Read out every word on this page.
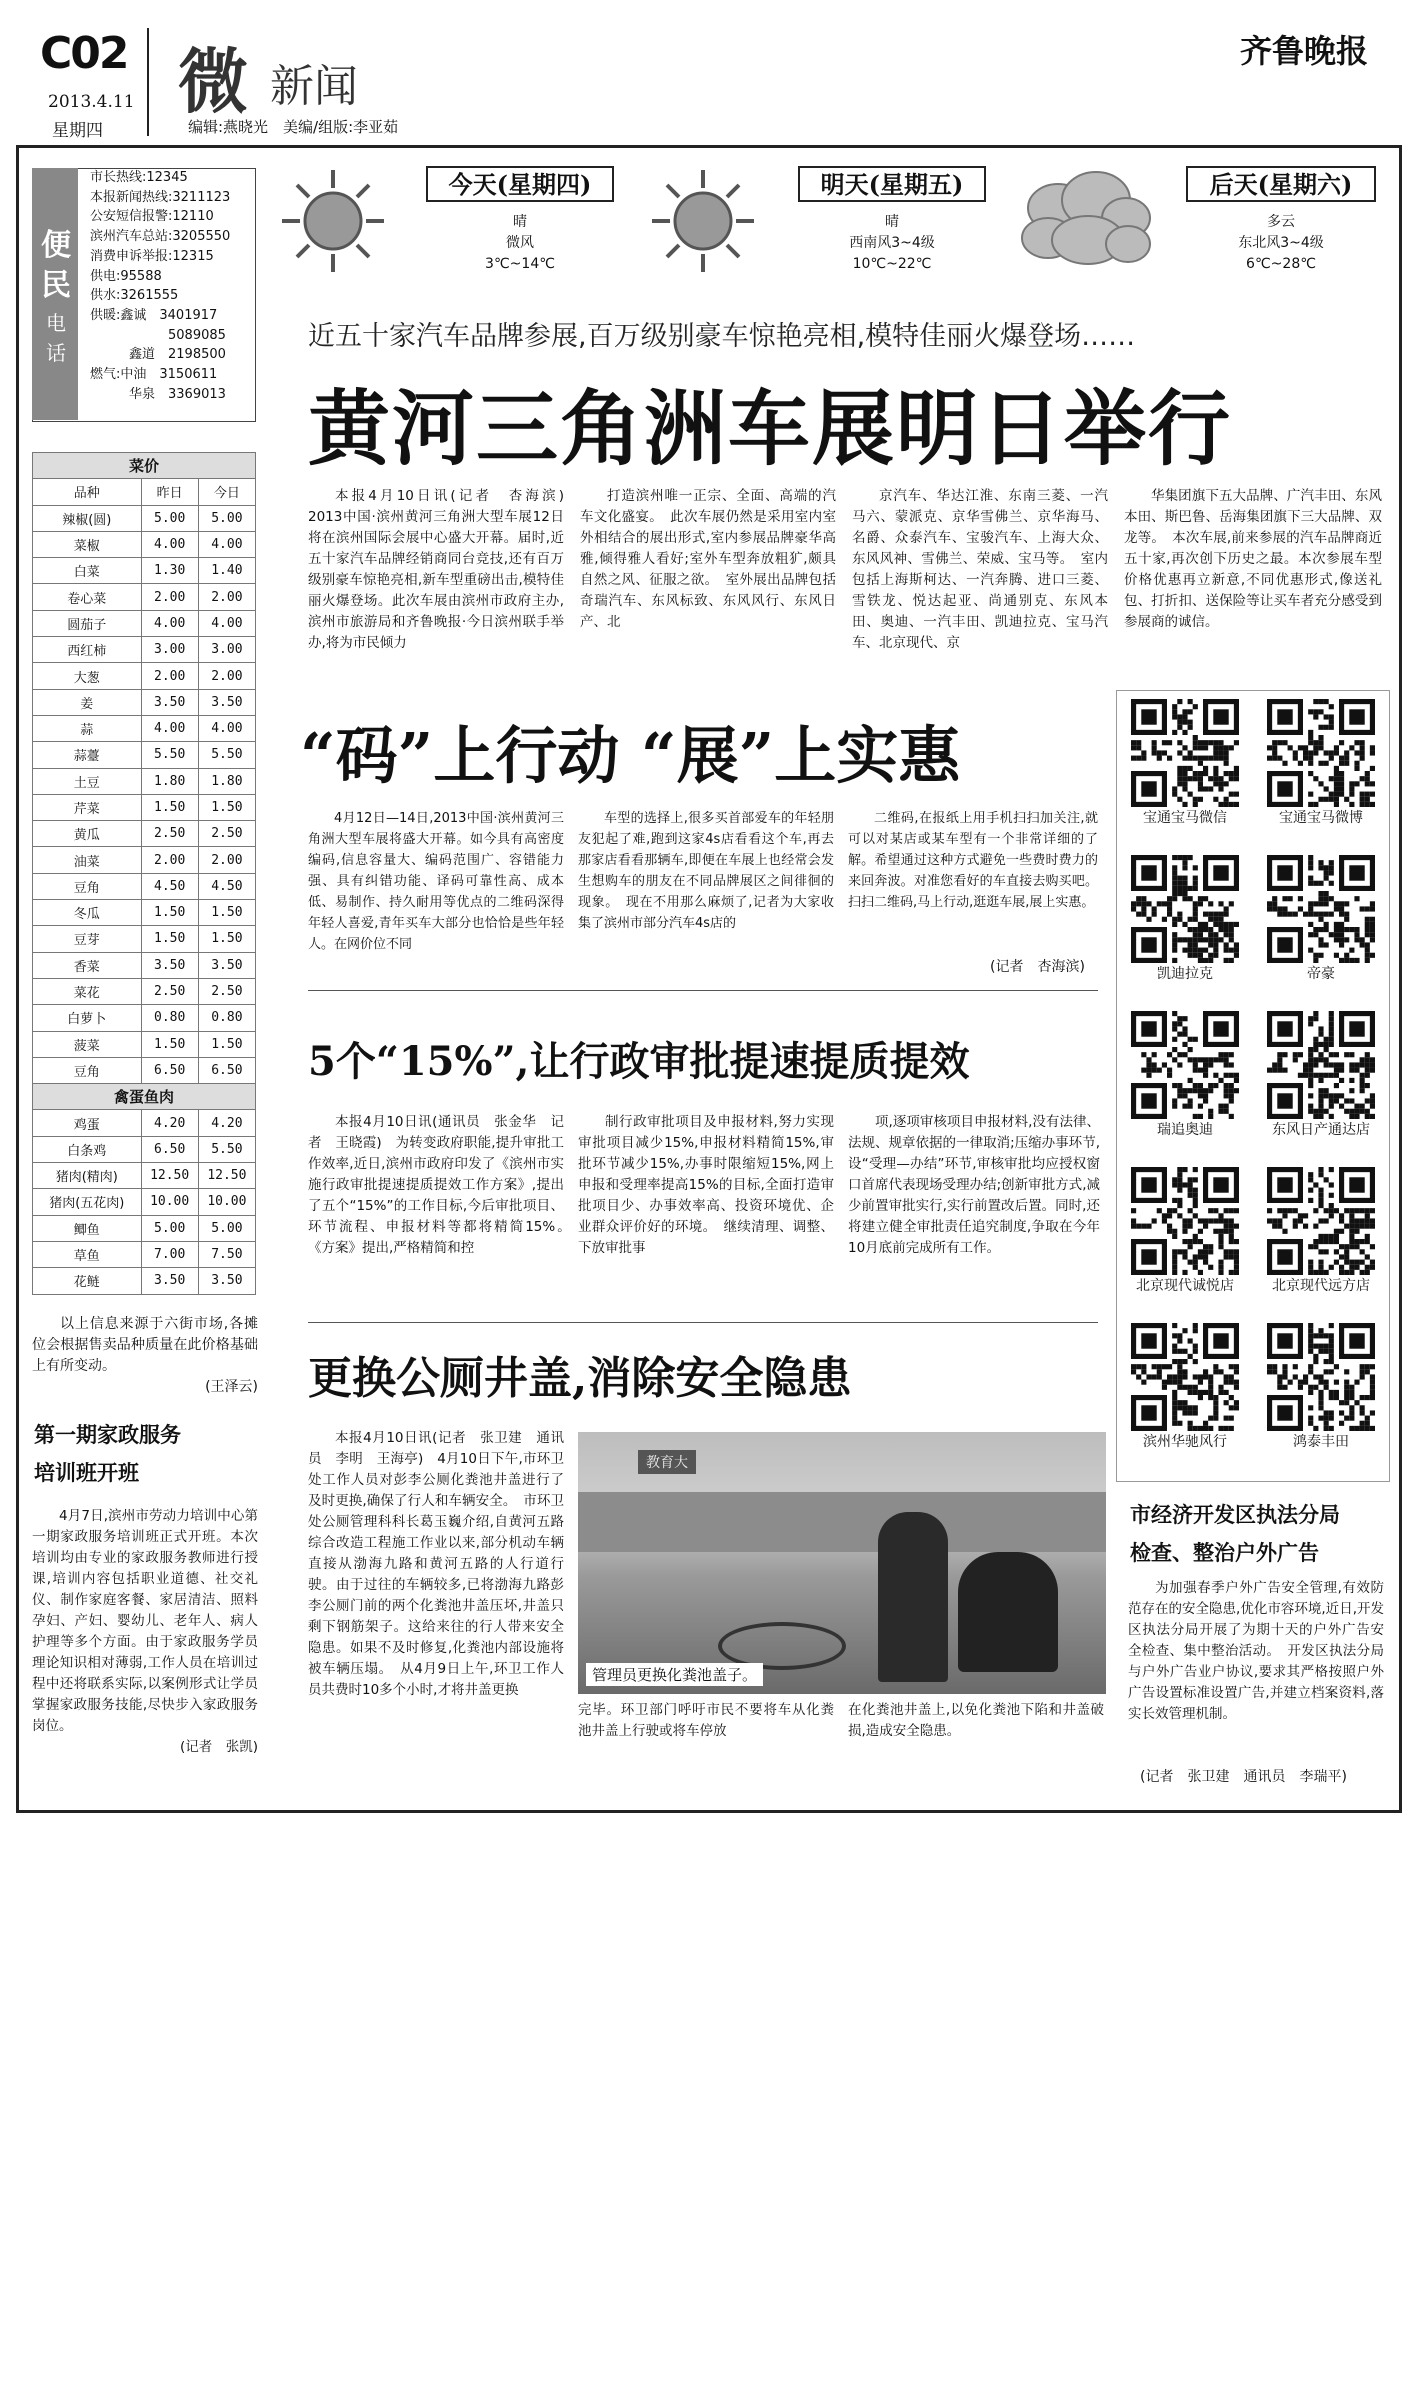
C02
2013.4.11
星期四
微 新闻
编辑:燕晓光　美编/组版:李亚茹
齐鲁晚报
便民
电话
市长热线:12345
本报新闻热线:3211123
公安短信报警:12110
滨州汽车总站:3205550
消费申诉举报:12315
供电:95588
供水:3261555
供暖:鑫诚　3401917
　　　　　　5089085
　　　鑫道　2198500
燃气:中油　3150611
　　　华泉　3369013
今天(星期四)
晴
微风
3℃~14℃
明天(星期五)
晴
西南风3~4级
10℃~22℃
后天(星期六)
多云
东北风3~4级
6℃~28℃
菜价		
品种	昨日	今日
辣椒(圆)	5.00	5.00
菜椒	4.00	4.00
白菜	1.30	1.40
卷心菜	2.00	2.00
圆茄子	4.00	4.00
西红柿	3.00	3.00
大葱	2.00	2.00
姜	3.50	3.50
蒜	4.00	4.00
蒜薹	5.50	5.50
土豆	1.80	1.80
芹菜	1.50	1.50
黄瓜	2.50	2.50
油菜	2.00	2.00
豆角	4.50	4.50
冬瓜	1.50	1.50
豆芽	1.50	1.50
香菜	3.50	3.50
菜花	2.50	2.50
白萝卜	0.80	0.80
菠菜	1.50	1.50
豆角	6.50	6.50
禽蛋鱼肉		
鸡蛋	4.20	4.20
白条鸡	6.50	5.50
猪肉(精肉)	12.50	12.50
猪肉(五花肉)	10.00	10.00
鲫鱼	5.00	5.00
草鱼	7.00	7.50
花鲢	3.50	3.50

以上信息来源于六街市场,各摊位会根据售卖品种质量在此价格基础上有所变动。

(王泽云)
第一期家政服务
培训班开班

4月7日,滨州市劳动力培训中心第一期家政服务培训班正式开班。本次培训均由专业的家政服务教师进行授课,培训内容包括职业道德、社交礼仪、制作家庭客餐、家居清洁、照料孕妇、产妇、婴幼儿、老年人、病人护理等多个方面。由于家政服务学员理论知识相对薄弱,工作人员在培训过程中还将联系实际,以案例形式让学员掌握家政服务技能,尽快步入家政服务岗位。

(记者　张凯)
近五十家汽车品牌参展,百万级别豪车惊艳亮相,模特佳丽火爆登场……
黄河三角洲车展明日举行

本报4月10日讯(记者　杏海滨)　2013中国·滨州黄河三角洲大型车展12日将在滨州国际会展中心盛大开幕。届时,近五十家汽车品牌经销商同台竞技,还有百万级别豪车惊艳亮相,新车型重磅出击,模特佳丽火爆登场。此次车展由滨州市政府主办,滨州市旅游局和齐鲁晚报·今日滨州联手举办,将为市民倾力

打造滨州唯一正宗、全面、高端的汽车文化盛宴。　此次车展仍然是采用室内室外相结合的展出形式,室内参展品牌豪华高雅,倾得雅人看好;室外车型奔放粗犷,颇具自然之风、征服之欲。　室外展出品牌包括奇瑞汽车、东风标致、东风风行、东风日产、北

京汽车、华达江淮、东南三菱、一汽马六、蒙派克、京华雪佛兰、京华海马、名爵、众泰汽车、宝骏汽车、上海大众、东风风神、雪佛兰、荣威、宝马等。　室内包括上海斯柯达、一汽奔腾、进口三菱、雪铁龙、悦达起亚、尚通别克、东风本田、奥迪、一汽丰田、凯迪拉克、宝马汽车、北京现代、京

华集团旗下五大品牌、广汽丰田、东风本田、斯巴鲁、岳海集团旗下三大品牌、双龙等。　本次车展,前来参展的汽车品牌商近五十家,再次创下历史之最。本次参展车型价格优惠再立新意,不同优惠形式,像送礼包、打折扣、送保险等让买车者充分感受到参展商的诚信。

“码”上行动 “展”上实惠

4月12日—14日,2013中国·滨州黄河三角洲大型车展将盛大开幕。如今具有高密度编码,信息容量大、编码范围广、容错能力强、具有纠错功能、译码可靠性高、成本低、易制作、持久耐用等优点的二维码深得年轻人喜爱,青年买车大部分也恰恰是些年轻人。在网价位不同

车型的选择上,很多买首部爱车的年轻朋友犯起了难,跑到这家4s店看看这个车,再去那家店看看那辆车,即便在车展上也经常会发生想购车的朋友在不同品牌展区之间徘徊的现象。　现在不用那么麻烦了,记者为大家收集了滨州市部分汽车4s店的

二维码,在报纸上用手机扫扫加关注,就可以对某店或某车型有一个非常详细的了解。希望通过这种方式避免一些费时费力的来回奔波。对准您看好的车直接去购买吧。扫扫二维码,马上行动,逛逛车展,展上实惠。

(记者　杏海滨)
宝通宝马微信	宝通宝马微博
凯迪拉克	帝豪
瑞追奥迪	东风日产通达店
北京现代诚悦店	北京现代远方店
滨州华驰风行	鸿泰丰田
5个“15%”,让行政审批提速提质提效

本报4月10日讯(通讯员　张金华　记者　王晓霞)　为转变政府职能,提升审批工作效率,近日,滨州市政府印发了《滨州市实施行政审批提速提质提效工作方案》,提出了五个“15%”的工作目标,今后审批项目、环节流程、申报材料等都将精简15%。　《方案》提出,严格精简和控

制行政审批项目及申报材料,努力实现审批项目减少15%,申报材料精简15%,审批环节减少15%,办事时限缩短15%,网上申报和受理率提高15%的目标,全面打造审批项目少、办事效率高、投资环境优、企业群众评价好的环境。　继续清理、调整、下放审批事

项,逐项审核项目申报材料,没有法律、法规、规章依据的一律取消;压缩办事环节,设“受理—办结”环节,审核审批均应授权窗口首席代表现场受理办结;创新审批方式,减少前置审批实行,实行前置改后置。同时,还将建立健全审批责任追究制度,争取在今年10月底前完成所有工作。

更换公厕井盖,消除安全隐患

本报4月10日讯(记者　张卫建　通讯员　李明　王海亭)　4月10日下午,市环卫处工作人员对彭李公厕化粪池井盖进行了及时更换,确保了行人和车辆安全。　市环卫处公厕管理科科长葛玉巍介绍,自黄河五路综合改造工程施工作业以来,部分机动车辆直接从渤海九路和黄河五路的人行道行驶。由于过往的车辆较多,已将渤海九路彭李公厕门前的两个化粪池井盖压坏,井盖只剩下钢筋架子。这给来往的行人带来安全隐患。如果不及时修复,化粪池内部设施将被车辆压塌。　从4月9日上午,环卫工作人员共费时10多个小时,才将井盖更换

教育大
管理员更换化粪池盖子。

完毕。环卫部门呼吁市民不要将车从化粪池井盖上行驶或将车停放

在化粪池井盖上,以免化粪池下陷和井盖破损,造成安全隐患。

市经济开发区执法分局
检查、整治户外广告

为加强春季户外广告安全管理,有效防范存在的安全隐患,优化市容环境,近日,开发区执法分局开展了为期十天的户外广告安全检查、集中整治活动。　开发区执法分局与户外广告业户协议,要求其严格按照户外广告设置标准设置广告,并建立档案资料,落实长效管理机制。

(记者　张卫建　通讯员　李瑞平)
